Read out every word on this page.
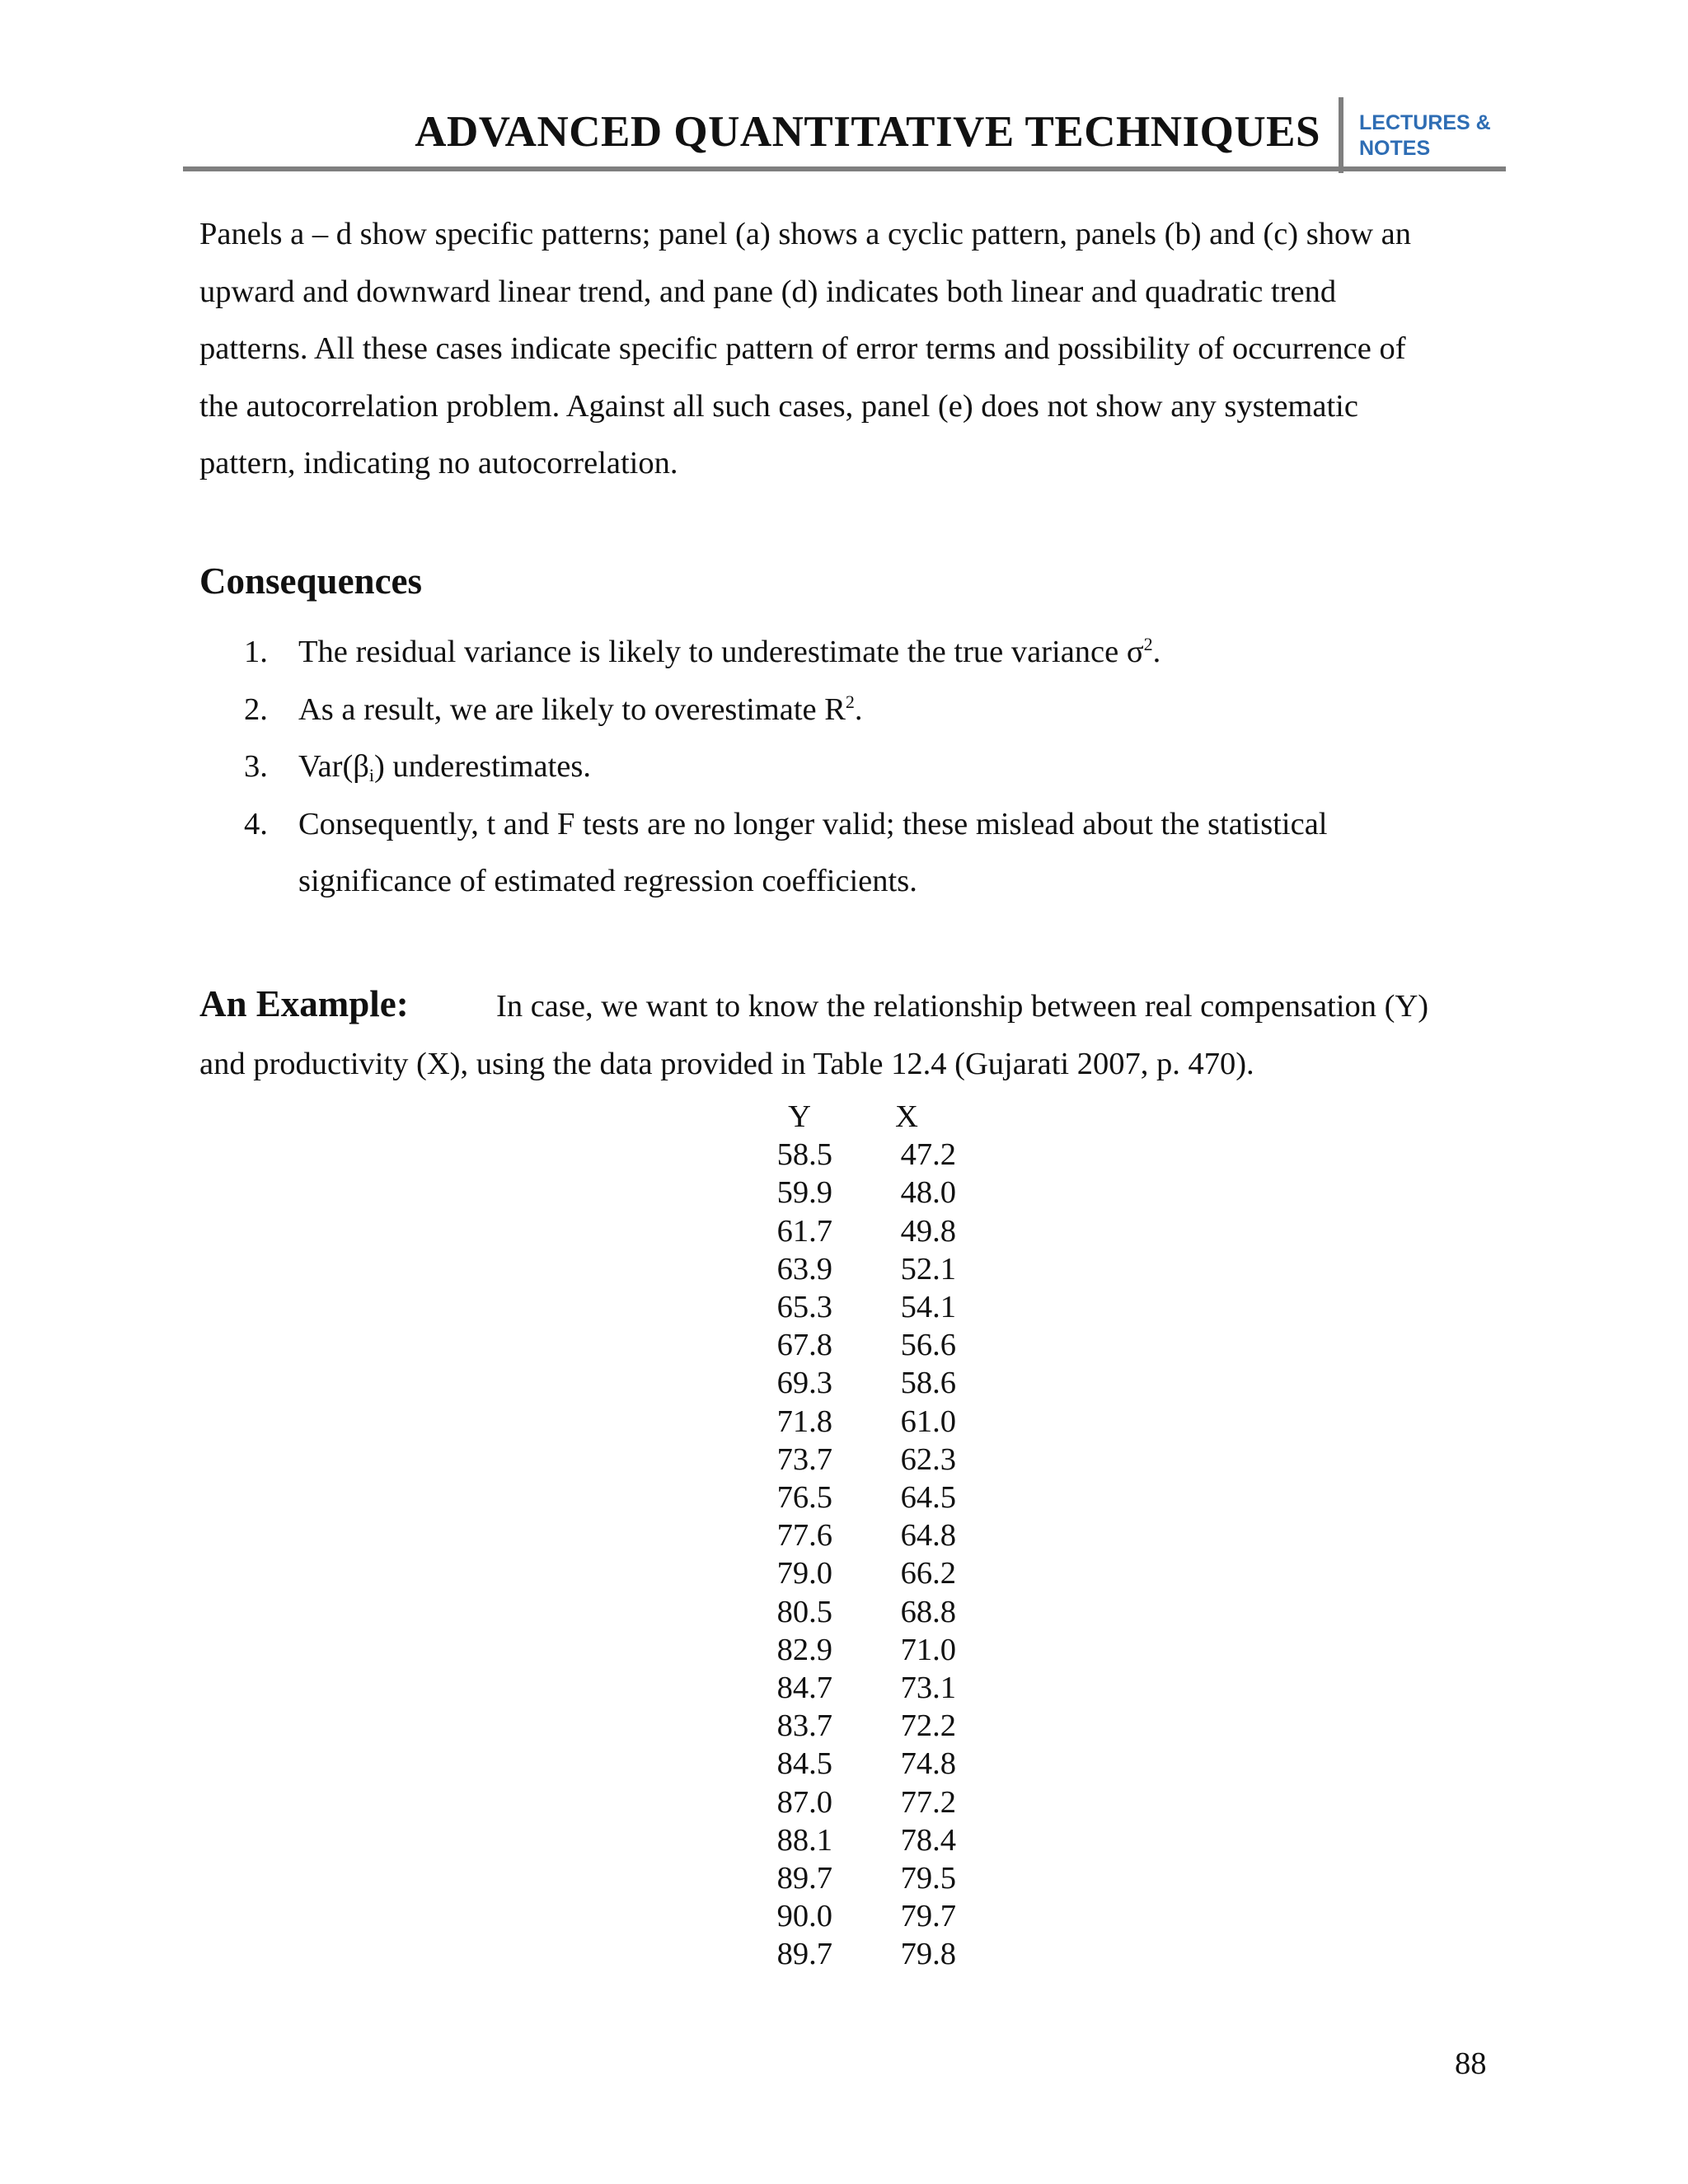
ADVANCED QUANTITATIVE TECHNIQUES LECTURES &
NOTES

Panels a – d show specific patterns; panel (a) shows a cyclic pattern, panels (b) and (c) show an

upward and downward linear trend, and pane (d) indicates both linear and quadratic trend

patterns. All these cases indicate specific pattern of error terms and possibility of occurrence of

the autocorrelation problem. Against all such cases, panel (e) does not show any systematic

pattern, indicating no autocorrelation.

Consequences
1. The residual variance is likely to underestimate the true variance $\sigma^2$.
2. As a result, we are likely to overestimate $R^2$.
3. $Var(\beta_i)$ underestimates.
4. Consequently, t and F tests are no longer valid; these mislead about the statistical
significance of estimated regression coefficients.
An Example:	In case, we want to know the relationship between real compensation (Y)
and productivity (X), using the data provided in Table 12.4 (Gujarati 2007, p. 470).
Y	X
58.5	47.2
59.9	48.0
61.7	49.8
63.9	52.1
65.3	54.1
67.8	56.6
69.3	58.6
71.8	61.0
73.7	62.3
76.5	64.5
77.6	64.8
79.0	66.2
80.5	68.8
82.9	71.0
84.7	73.1
83.7	72.2
84.5	74.8
87.0	77.2
88.1	78.4
89.7	79.5
90.0	79.7
89.7	79.8
88
